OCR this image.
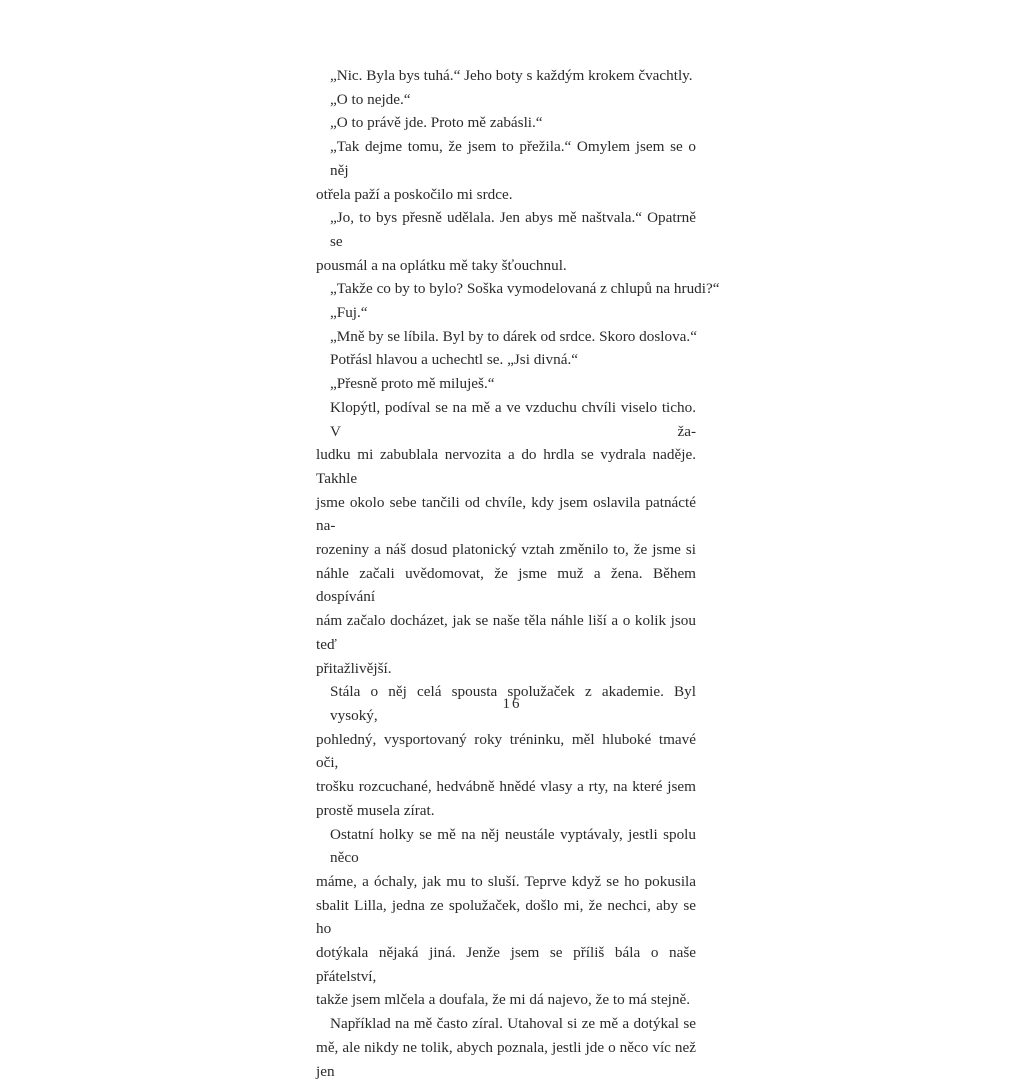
„Nic. Byla bys tuhá.“ Jeho boty s každým krokem čvachtly.
„O to nejde.“
„O to právě jde. Proto mě zabásli.“
„Tak dejme tomu, že jsem to přežila.“ Omylem jsem se o něj
otřela paží a poskočilo mi srdce.
„Jo, to bys přesně udělala. Jen abys mě naštvala.“ Opatrně se
pousmál a na oplátku mě taky šťouchnul.
„Takže co by to bylo? Soška vymodelovaná z chlupů na hrudi?“
„Fuj.“
„Mně by se líbila. Byl by to dárek od srdce. Skoro doslova.“
Potřásl hlavou a uchechtl se. „Jsi divná.“
„Přesně proto mě miluješ.“
Klopýtl, podíval se na mě a ve vzduchu chvíli viselo ticho. V ža-
ludku mi zabublala nervozita a do hrdla se vydrala naděje. Takhle
jsme okolo sebe tančili od chvíle, kdy jsem oslavila patnácté na-
rozeniny a náš dosud platonický vztah změnilo to, že jsme si
náhle začali uvědomovat, že jsme muž a žena. Během dospívání
nám začalo docházet, jak se naše těla náhle liší a o kolik jsou teď
přitažlivější.
Stála o něj celá spousta spolužaček z akademie. Byl vysoký,
pohledný, vysportovaný roky tréninku, měl hluboké tmavé oči,
trošku rozcuchané, hedvábně hnědé vlasy a rty, na které jsem
prostě musela zírat.
Ostatní holky se mě na něj neustále vyptávaly, jestli spolu něco
máme, a óchaly, jak mu to sluší. Teprve když se ho pokusila
sbalit Lilla, jedna ze spolužaček, došlo mi, že nechci, aby se ho
dotýkala nějaká jiná. Jenže jsem se příliš bála o naše přátelství,
takže jsem mlčela a doufala, že mi dá najevo, že to má stejně.
Například na mě často zíral. Utahoval si ze mě a dotýkal se
mě, ale nikdy ne tolik, abych poznala, jestli jde o něco víc než jen
16
